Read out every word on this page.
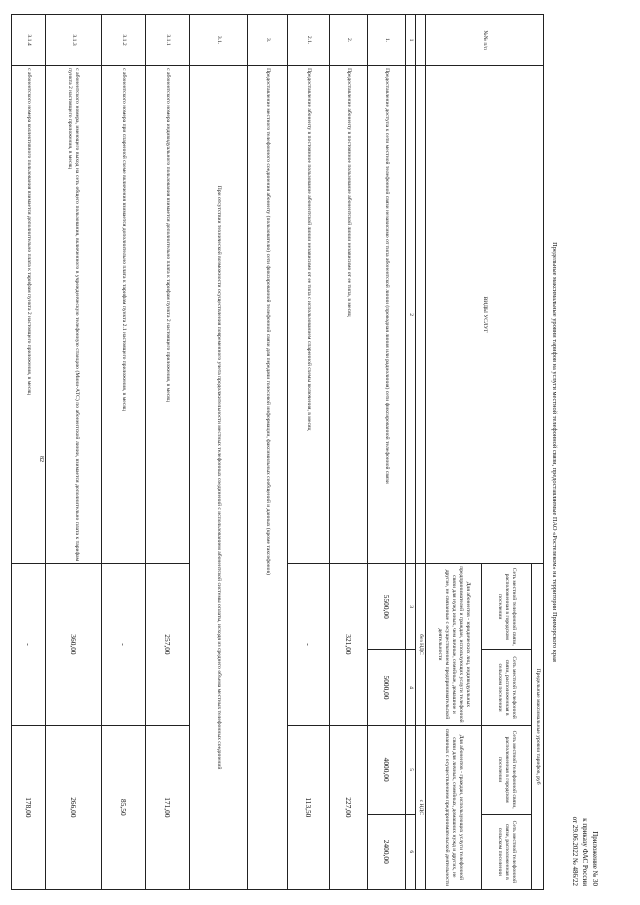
82
Приложение № 30
к приказу ФАС России
от 29.06.2022 № 486/22
Предельные максимальные уровни тарифов на услуги местной телефонной связи, предоставляемые ПАО «Ростелеком» на территории Приморского края
№№ п/п	ВИДЫ УСЛУГ	Предельные максимальные уровни тарифов, руб			
		Сеть местной телефонной связи, расположенная в городском поселении	Сеть местной телефонной связи, расположенная в сельском поселении	Сеть местной телефонной связи, расположенная в городском поселении	Сеть местной телефонной связи, расположенная в сельском поселении
		Для абонентов - юридических лиц, индивидуальных предпринимателей и граждан, использующих услуги телефонной связи для нужд иных, чем личные, семейные, домашние и другие, не связанные с осуществлением предпринимательской деятельности		Для абонентов - граждан, использующих услуги телефонной связи для личных, семейных, домашних нужд и других, не связанных с осуществлением предпринимательской деятельности	
		без НДС		с НДС	
1	2	3	4	5	6
1.	Предоставление доступа к сети местной телефонной связи независимо от типа абонентской линии (проводная линия или радиолиния) сети фиксированной телефонной связи	5500,00	5000,00	4000,00	2400,00
2.	Предоставление абоненту в постоянное пользование абонентской линии независимо от ее типа, в месяц	321,00		227,00	
2.1.	Предоставление абоненту в постоянное пользование абонентской линии независимо от ее типа с использованием спаренной схемы включения, в месяц	-		113,50	
3.	Предоставление местного телефонного соединения абоненту (пользователю) сети фиксированной телефонной связи для передачи голосовой информации, факсимильных сообщений и данных (кроме таксофонов)				
3.1.	При отсутствии технической возможности осуществления повременного учета продолжительности местных телефонных соединений с использованием абонентской системы оплаты, исходя из среднего объема местных телефонных соединений				
3.1.1	с абонентского номера индивидуального пользования взимается дополнительно плата к тарифам пункта 2 настоящего приложения, в месяц	257,00		171,00	
3.1.2	с абонентского номера при спаренной схеме включения взимается дополнительно плата к тарифам пункта 2.1 настоящего приложения, в месяц	-		85,50	
3.1.3	с абонентского номера, имеющего выход на сеть общего пользования, включенного в учрежденческую телефонную станцию (Мини-АТС) по абонентской линии, взимается дополнительно плата к тарифам пункта 2 настоящего приложения, в месяц	360,00		266,00	
3.1.4	с абонентского номера коллективного пользования взимается дополнительно плата к тарифам пункта 2 настоящего приложения, в месяц	-		178,00	
